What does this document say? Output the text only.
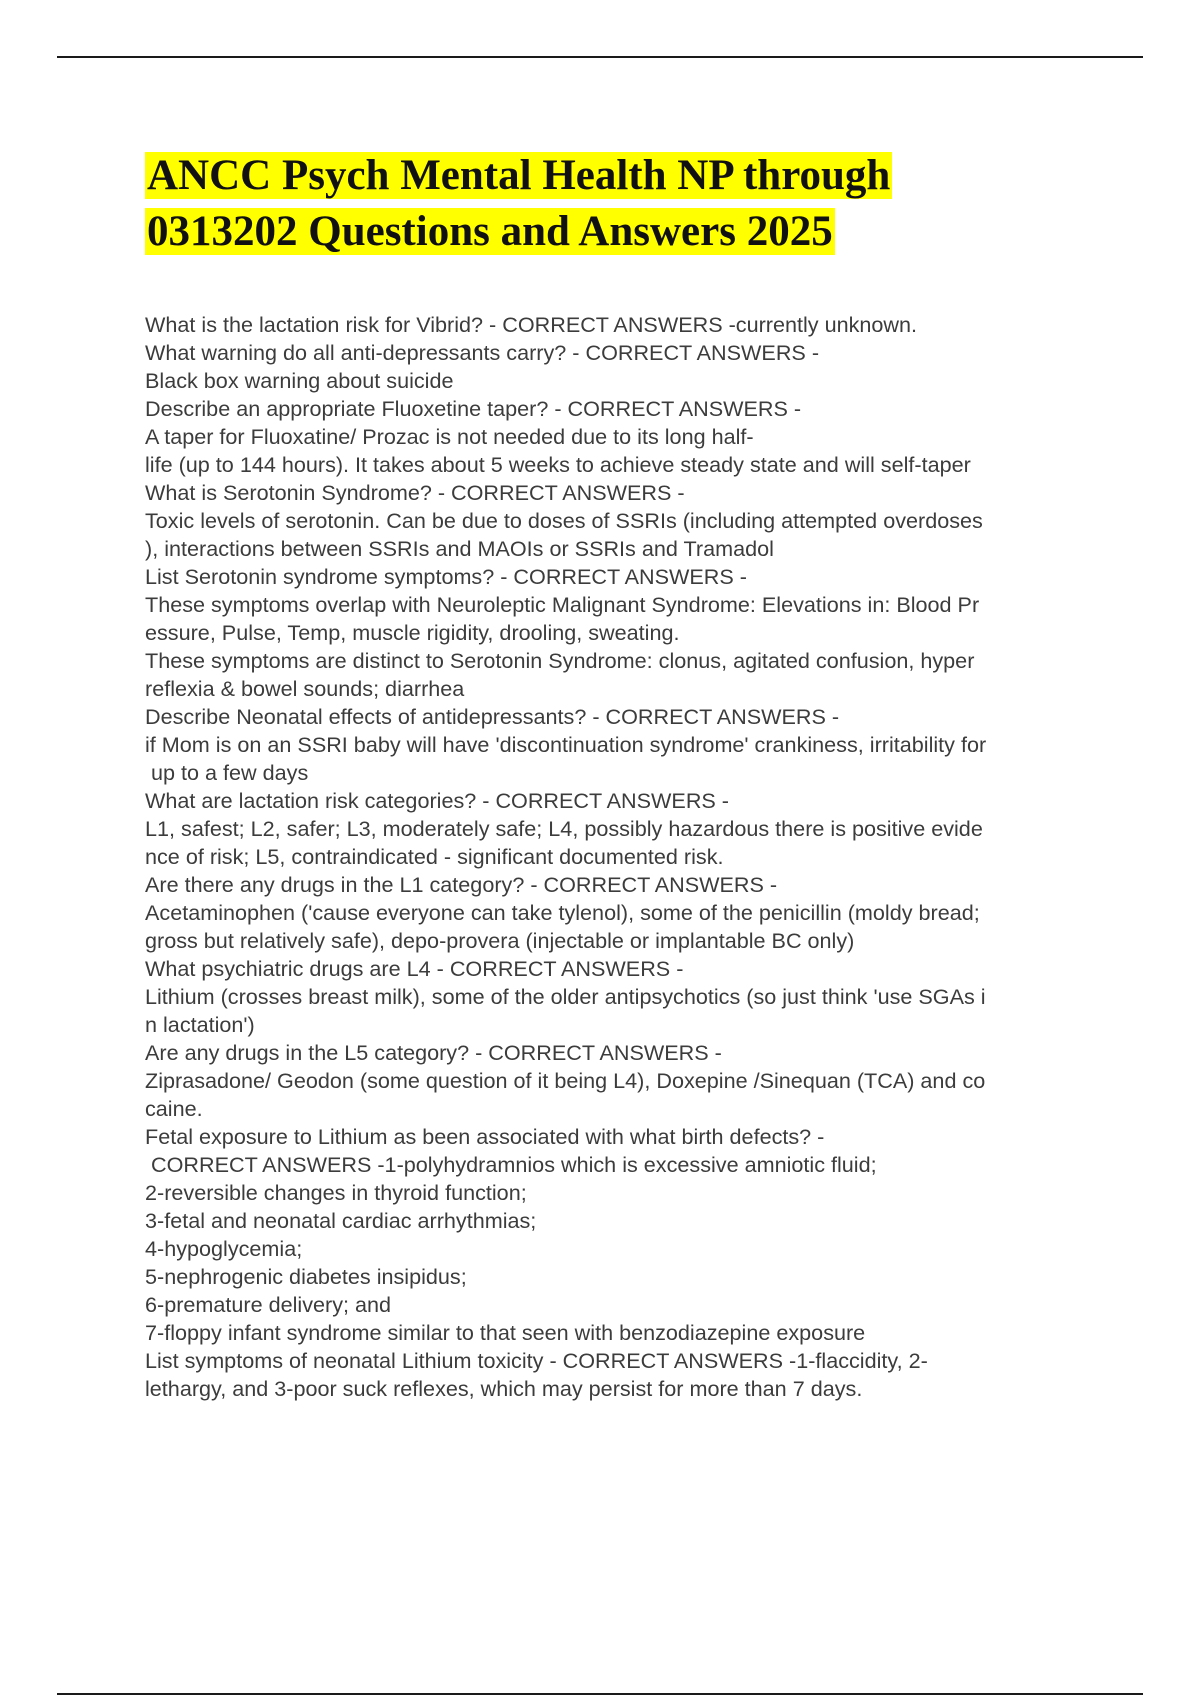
ANCC Psych Mental Health NP through
0313202 Questions and Answers 2025
What is the lactation risk for Vibrid? - CORRECT ANSWERS -currently unknown.
What warning do all anti-depressants carry? - CORRECT ANSWERS -
Black box warning about suicide
Describe an appropriate Fluoxetine taper? - CORRECT ANSWERS -
A taper for Fluoxatine/ Prozac is not needed due to its long half-
life (up to 144 hours). It takes about 5 weeks to achieve steady state and will self-taper
What is Serotonin Syndrome? - CORRECT ANSWERS -
Toxic levels of serotonin. Can be due to doses of SSRIs (including attempted overdoses
), interactions between SSRIs and MAOIs or SSRIs and Tramadol
List Serotonin syndrome symptoms? - CORRECT ANSWERS -
These symptoms overlap with Neuroleptic Malignant Syndrome: Elevations in: Blood Pr
essure, Pulse, Temp, muscle rigidity, drooling, sweating.
These symptoms are distinct to Serotonin Syndrome: clonus, agitated confusion, hyper
reflexia & bowel sounds; diarrhea
Describe Neonatal effects of antidepressants? - CORRECT ANSWERS -
if Mom is on an SSRI baby will have 'discontinuation syndrome' crankiness, irritability for
up to a few days
What are lactation risk categories? - CORRECT ANSWERS -
L1, safest; L2, safer; L3, moderately safe; L4, possibly hazardous there is positive evide
nce of risk; L5, contraindicated - significant documented risk.
Are there any drugs in the L1 category? - CORRECT ANSWERS -
Acetaminophen ('cause everyone can take tylenol), some of the penicillin (moldy bread;
gross but relatively safe), depo-provera (injectable or implantable BC only)
What psychiatric drugs are L4 - CORRECT ANSWERS -
Lithium (crosses breast milk), some of the older antipsychotics (so just think 'use SGAs i
n lactation')
Are any drugs in the L5 category? - CORRECT ANSWERS -
Ziprasadone/ Geodon (some question of it being L4), Doxepine /Sinequan (TCA) and co
caine.
Fetal exposure to Lithium as been associated with what birth defects? -
CORRECT ANSWERS -1-polyhydramnios which is excessive amniotic fluid;
2-reversible changes in thyroid function;
3-fetal and neonatal cardiac arrhythmias;
4-hypoglycemia;
5-nephrogenic diabetes insipidus;
6-premature delivery; and
7-floppy infant syndrome similar to that seen with benzodiazepine exposure
List symptoms of neonatal Lithium toxicity - CORRECT ANSWERS -1-flaccidity, 2-
lethargy, and 3-poor suck reflexes, which may persist for more than 7 days.
